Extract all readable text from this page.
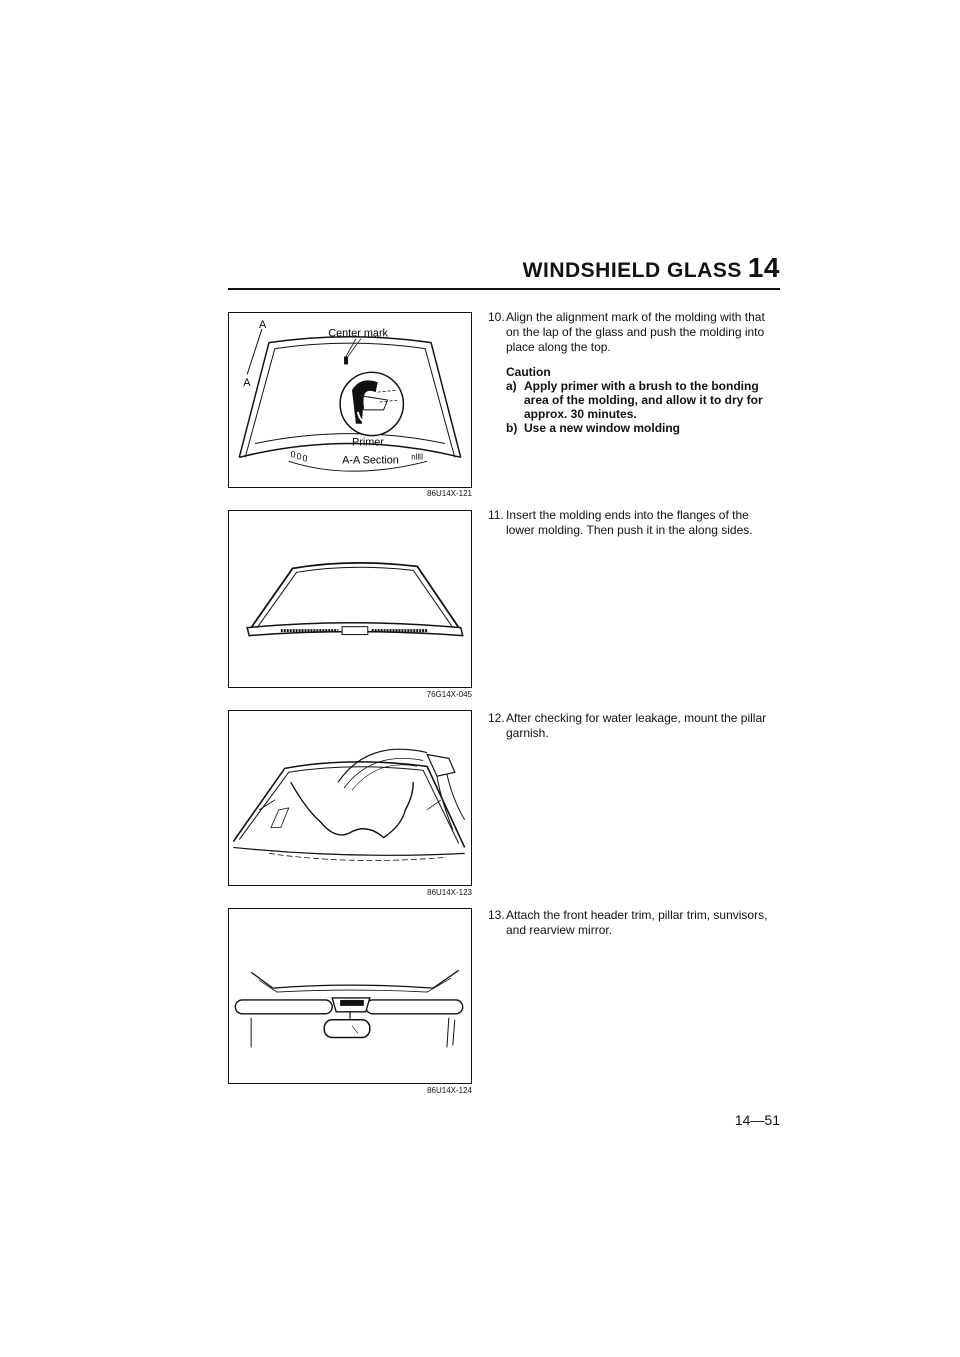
WINDSHIELD GLASS 14
0 0 0	nlllI
A
A
Center mark
Primer
A-A Section
86U14X-121
76G14X-045
86U14X-123
86U14X-124
10. Align the alignment mark of the molding with that on the lap of the glass and push the molding into place along the top.
Caution
a) Apply primer with a brush to the bonding area of the molding, and allow it to dry for approx. 30 minutes.
b) Use a new window molding
11. Insert the molding ends into the flanges of the lower molding. Then push it in the along sides.
12. After checking for water leakage, mount the pillar garnish.
13. Attach the front header trim, pillar trim, sunvisors, and rearview mirror.
14—51
